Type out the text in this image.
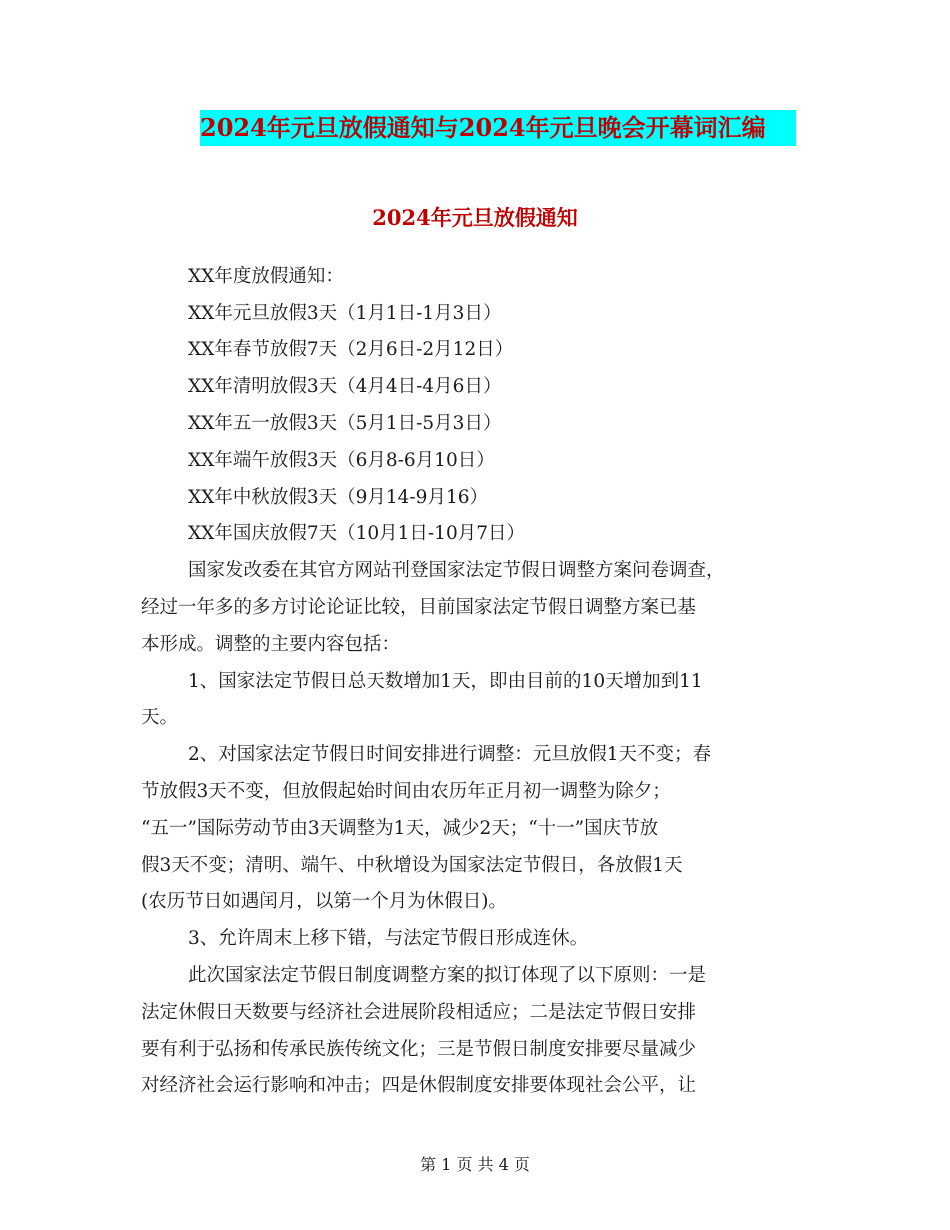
2024年元旦放假通知与2024年元旦晚会开幕词汇编
2024年元旦放假通知
XX年度放假通知：
XX年元旦放假3天（1月1日-1月3日）
XX年春节放假7天（2月6日-2月12日）
XX年清明放假3天（4月4日-4月6日）
XX年五一放假3天（5月1日-5月3日）
XX年端午放假3天（6月8-6月10日）
XX年中秋放假3天（9月14-9月16）
XX年国庆放假7天（10月1日-10月7日）
国家发改委在其官方网站刊登国家法定节假日调整方案问卷调查，
经过一年多的多方讨论论证比较，目前国家法定节假日调整方案已基
本形成。调整的主要内容包括：
1、国家法定节假日总天数增加1天，即由目前的10天增加到11
天。
2、对国家法定节假日时间安排进行调整：元旦放假1天不变；春
节放假3天不变，但放假起始时间由农历年正月初一调整为除夕；
“五一”国际劳动节由3天调整为1天，减少2天；“十一”国庆节放
假3天不变；清明、端午、中秋增设为国家法定节假日，各放假1天
(农历节日如遇闰月，以第一个月为休假日)。
3、允许周末上移下错，与法定节假日形成连休。
此次国家法定节假日制度调整方案的拟订体现了以下原则：一是
法定休假日天数要与经济社会进展阶段相适应；二是法定节假日安排
要有利于弘扬和传承民族传统文化；三是节假日制度安排要尽量减少
对经济社会运行影响和冲击；四是休假制度安排要体现社会公平，让
第 1 页 共 4 页
